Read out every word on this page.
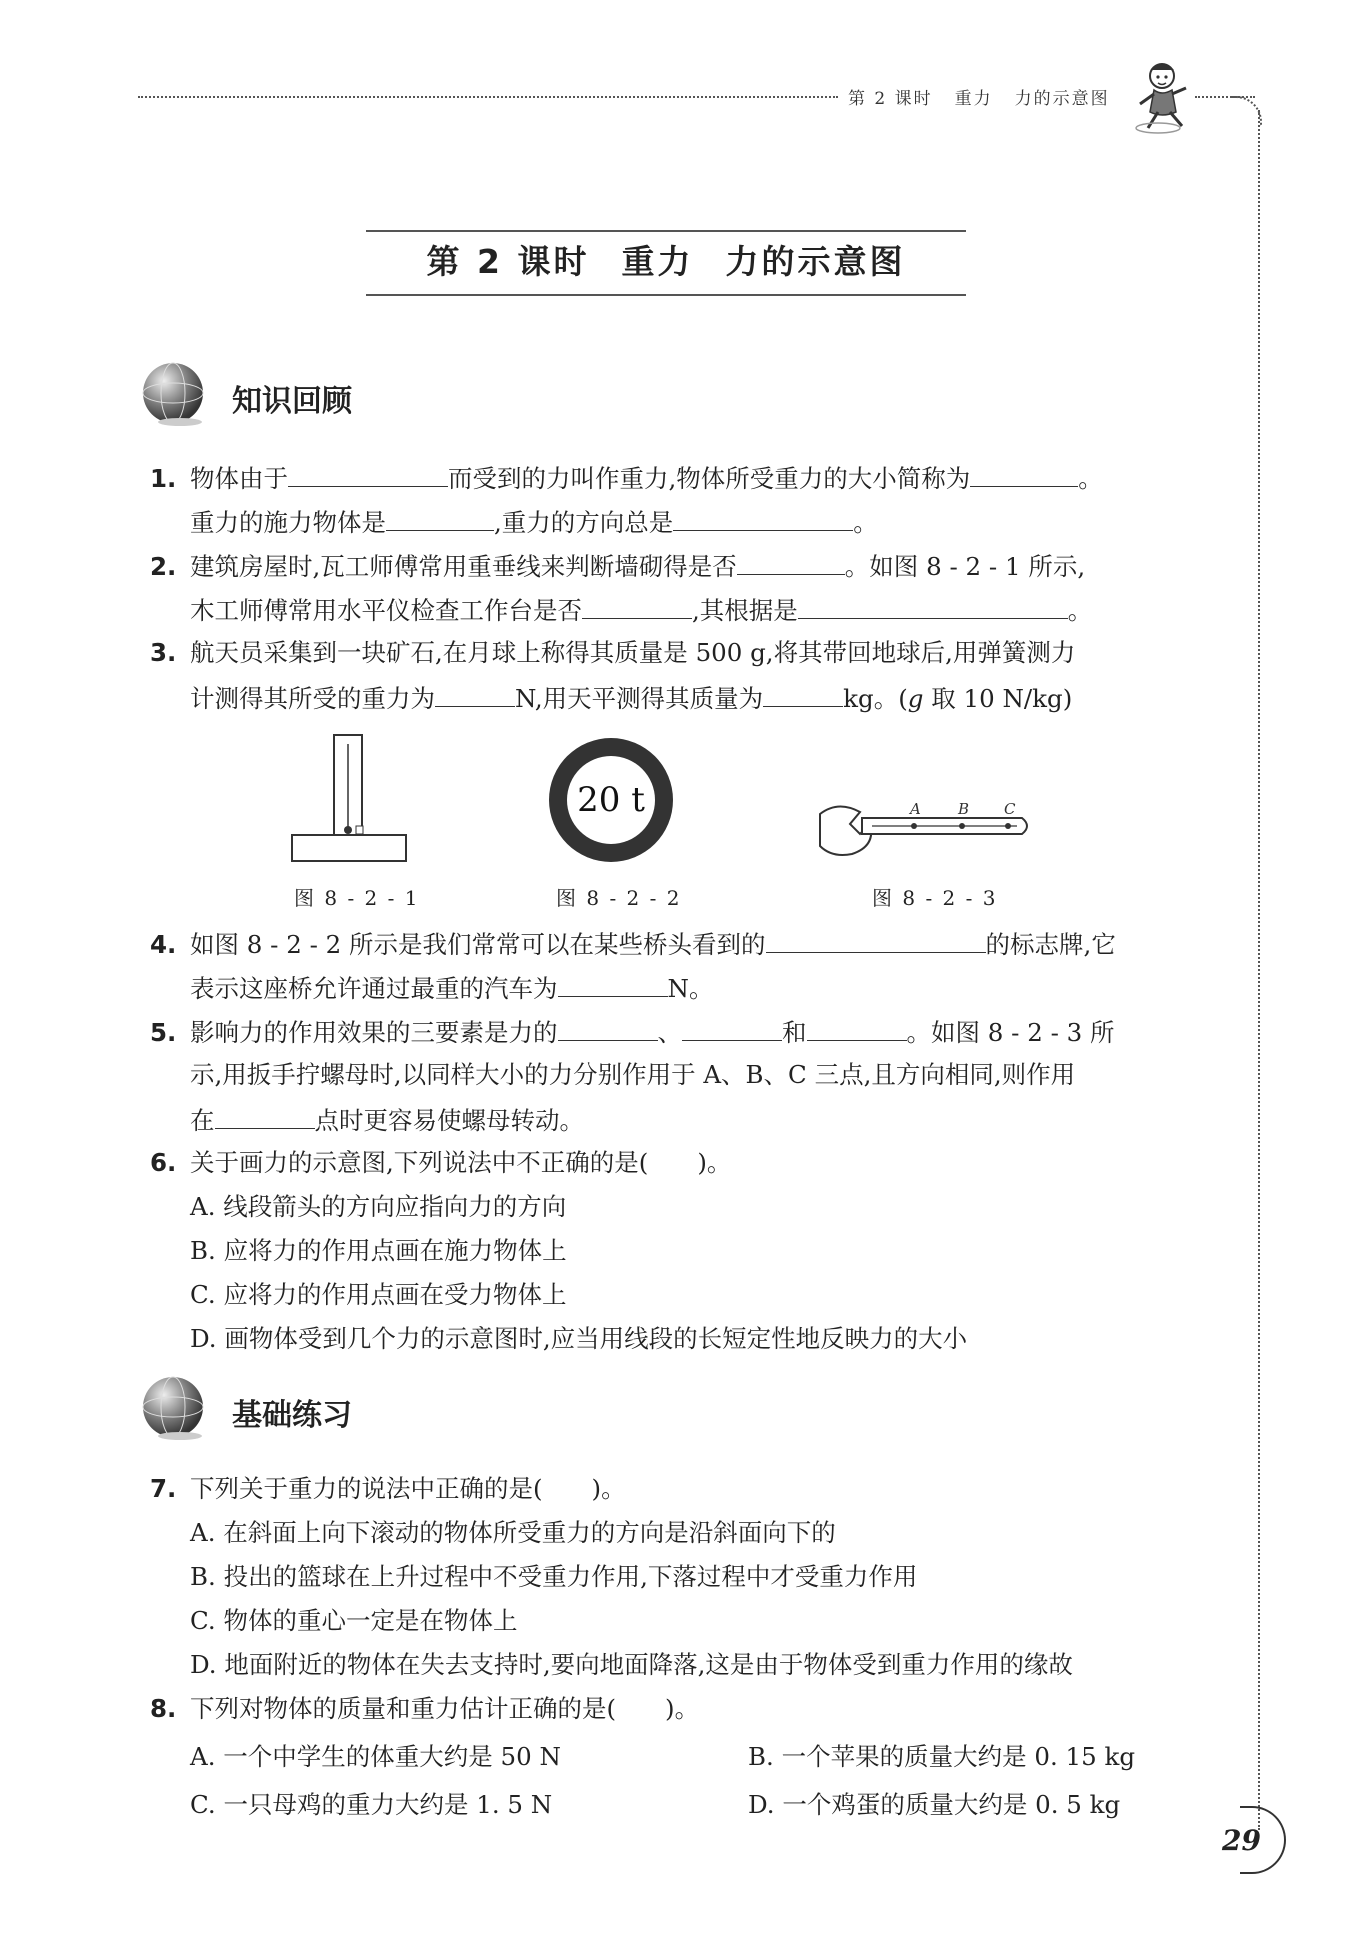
第 2 课时 重力 力的示意图
第 2 课时 重力 力的示意图
知识回顾
1. 物体由于	而受到的力叫作重力,物体所受重力的大小简称为	。
重力的施力物体是	,重力的方向总是	。
2. 建筑房屋时,瓦工师傅常用重垂线来判断墙砌得是否	。如图 8 - 2 - 1 所示,
木工师傅常用水平仪检查工作台是否	,其根据是	。
3. 航天员采集到一块矿石,在月球上称得其质量是 500 g,将其带回地球后,用弹簧测力
计测得其所受的重力为	N,用天平测得其质量为	kg。(g 取 10 N/kg)
图 8 - 2 - 1
20 t
图 8 - 2 - 2
A B C
图 8 - 2 - 3
4. 如图 8 - 2 - 2 所示是我们常常可以在某些桥头看到的	的标志牌,它
表示这座桥允许通过最重的汽车为	N。
5. 影响力的作用效果的三要素是力的	、	和	。如图 8 - 2 - 3 所
示,用扳手拧螺母时,以同样大小的力分别作用于 A、B、C 三点,且方向相同,则作用
在	点时更容易使螺母转动。
6. 关于画力的示意图,下列说法中不正确的是(　　)。
A. 线段箭头的方向应指向力的方向
B. 应将力的作用点画在施力物体上
C. 应将力的作用点画在受力物体上
D. 画物体受到几个力的示意图时,应当用线段的长短定性地反映力的大小
基础练习
7. 下列关于重力的说法中正确的是(　　)。
A. 在斜面上向下滚动的物体所受重力的方向是沿斜面向下的
B. 投出的篮球在上升过程中不受重力作用,下落过程中才受重力作用
C. 物体的重心一定是在物体上
D. 地面附近的物体在失去支持时,要向地面降落,这是由于物体受到重力作用的缘故
8. 下列对物体的质量和重力估计正确的是(　　)。
A. 一个中学生的体重大约是 50 N	B. 一个苹果的质量大约是 0. 15 kg
C. 一只母鸡的重力大约是 1. 5 N	D. 一个鸡蛋的质量大约是 0. 5 kg
29
